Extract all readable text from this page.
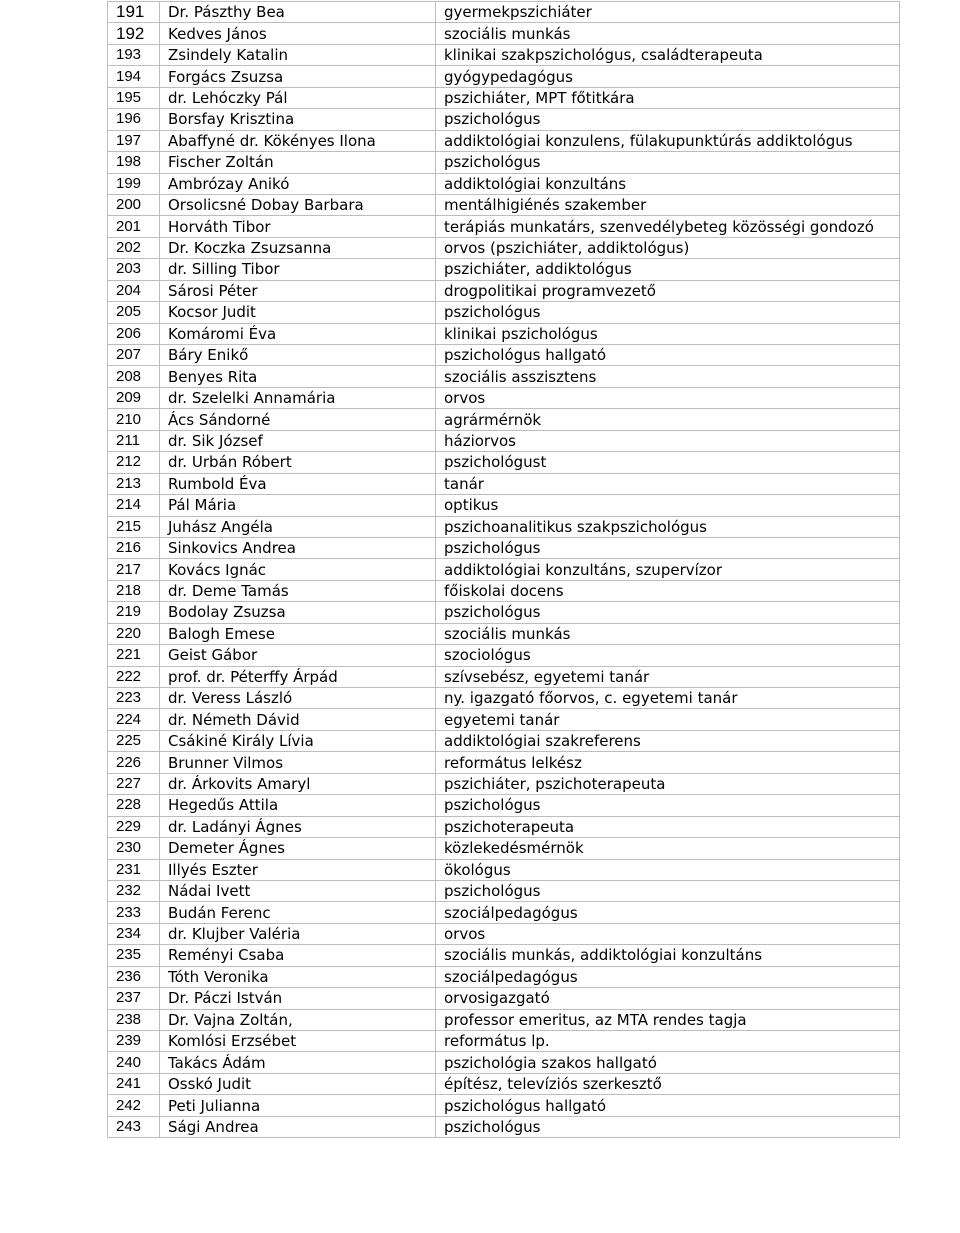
191	Dr. Pászthy Bea	gyermekpszichiáter
192	Kedves János	szociális munkás
193	Zsindely Katalin	klinikai szakpszichológus, családterapeuta
194	Forgács Zsuzsa	gyógypedagógus
195	dr. Lehóczky Pál	pszichiáter, MPT főtitkára
196	Borsfay Krisztina	pszichológus
197	Abaffyné dr. Kökényes Ilona	addiktológiai konzulens, fülakupunktúrás addiktológus
198	Fischer Zoltán	pszichológus
199	Ambrózay Anikó	addiktológiai konzultáns
200	Orsolicsné Dobay Barbara	mentálhigiénés szakember
201	Horváth Tibor	terápiás munkatárs, szenvedélybeteg közösségi gondozó
202	Dr. Koczka Zsuzsanna	orvos (pszichiáter, addiktológus)
203	dr. Silling Tibor	pszichiáter, addiktológus
204	Sárosi Péter	drogpolitikai programvezető
205	Kocsor Judit	pszichológus
206	Komáromi Éva	klinikai pszichológus
207	Báry Enikő	pszichológus hallgató
208	Benyes Rita	szociális asszisztens
209	dr. Szelelki Annamária	orvos
210	Ács Sándorné	agrármérnök
211	dr. Sik József	háziorvos
212	dr. Urbán Róbert	pszichológust
213	Rumbold Éva	tanár
214	Pál Mária	optikus
215	Juhász Angéla	pszichoanalitikus szakpszichológus
216	Sinkovics Andrea	pszichológus
217	Kovács Ignác	addiktológiai konzultáns, szupervízor
218	dr. Deme Tamás	főiskolai docens
219	Bodolay Zsuzsa	pszichológus
220	Balogh Emese	szociális munkás
221	Geist Gábor	szociológus
222	prof. dr. Péterffy Árpád	szívsebész, egyetemi tanár
223	dr. Veress László	ny. igazgató főorvos, c. egyetemi tanár
224	dr. Németh Dávid	egyetemi tanár
225	Csákiné Király Lívia	addiktológiai szakreferens
226	Brunner Vilmos	református lelkész
227	dr. Árkovits Amaryl	pszichiáter, pszichoterapeuta
228	Hegedűs Attila	pszichológus
229	dr. Ladányi Ágnes	pszichoterapeuta
230	Demeter Ágnes	közlekedésmérnök
231	Illyés Eszter	ökológus
232	Nádai Ivett	pszichológus
233	Budán Ferenc	szociálpedagógus
234	dr. Klujber Valéria	orvos
235	Reményi Csaba	szociális munkás, addiktológiai konzultáns
236	Tóth Veronika	szociálpedagógus
237	Dr. Páczi István	orvosigazgató
238	Dr. Vajna Zoltán,	professor emeritus, az MTA rendes tagja
239	Komlósi Erzsébet	református lp.
240	Takács Ádám	pszichológia szakos hallgató
241	Osskó Judit	építész, televíziós szerkesztő
242	Peti Julianna	pszichológus hallgató
243	Sági Andrea	pszichológus
